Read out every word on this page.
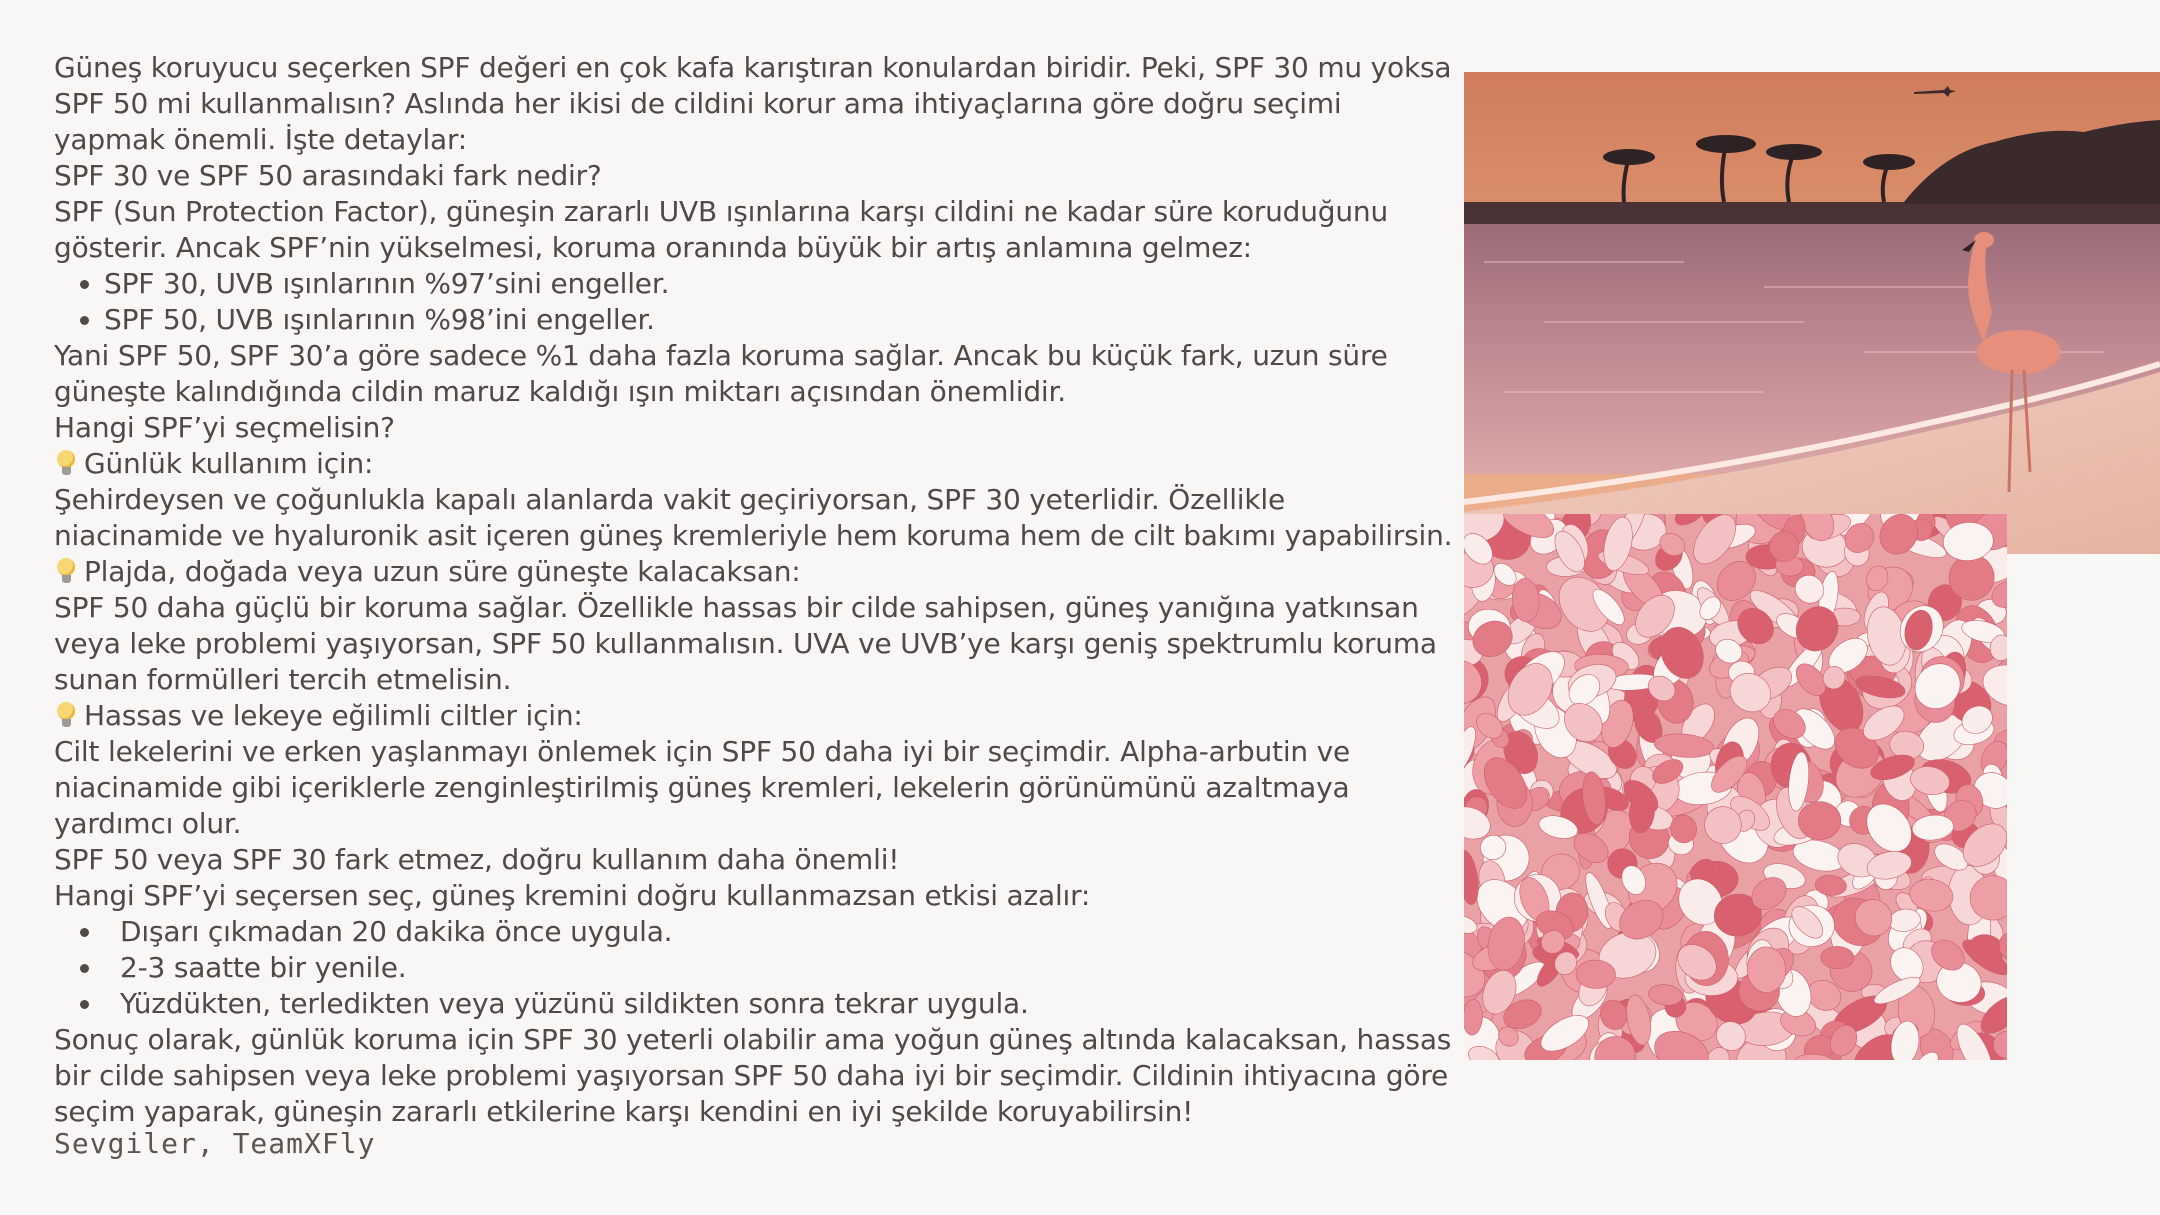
Güneş koruyucu seçerken SPF değeri en çok kafa karıştıran konulardan biridir. Peki, SPF 30 mu yoksa SPF 50 mi kullanmalısın? Aslında her ikisi de cildini korur ama ihtiyaçlarına göre doğru seçimi yapmak önemli. İşte detaylar:

SPF 30 ve SPF 50 arasındaki fark nedir?

SPF (Sun Protection Factor), güneşin zararlı UVB ışınlarına karşı cildini ne kadar süre koruduğunu gösterir. Ancak SPF’nin yükselmesi, koruma oranında büyük bir artış anlamına gelmez:

SPF 30, UVB ışınlarının %97’sini engeller.
SPF 50, UVB ışınlarının %98’ini engeller.

Yani SPF 50, SPF 30’a göre sadece %1 daha fazla koruma sağlar. Ancak bu küçük fark, uzun süre güneşte kalındığında cildin maruz kaldığı ışın miktarı açısından önemlidir.

Hangi SPF’yi seçmelisin?

Günlük kullanım için:

Şehirdeysen ve çoğunlukla kapalı alanlarda vakit geçiriyorsan, SPF 30 yeterlidir. Özellikle niacinamide ve hyaluronik asit içeren güneş kremleriyle hem koruma hem de cilt bakımı yapabilirsin.

Plajda, doğada veya uzun süre güneşte kalacaksan:

SPF 50 daha güçlü bir koruma sağlar. Özellikle hassas bir cilde sahipsen, güneş yanığına yatkınsan veya leke problemi yaşıyorsan, SPF 50 kullanmalısın. UVA ve UVB’ye karşı geniş spektrumlu koruma sunan formülleri tercih etmelisin.

Hassas ve lekeye eğilimli ciltler için:

Cilt lekelerini ve erken yaşlanmayı önlemek için SPF 50 daha iyi bir seçimdir. Alpha-arbutin ve niacinamide gibi içeriklerle zenginleştirilmiş güneş kremleri, lekelerin görünümünü azaltmaya yardımcı olur.

SPF 50 veya SPF 30 fark etmez, doğru kullanım daha önemli!

Hangi SPF’yi seçersen seç, güneş kremini doğru kullanmazsan etkisi azalır:

Dışarı çıkmadan 20 dakika önce uygula.
2-3 saatte bir yenile.
Yüzdükten, terledikten veya yüzünü sildikten sonra tekrar uygula.

Sonuç olarak, günlük koruma için SPF 30 yeterli olabilir ama yoğun güneş altında kalacaksan, hassas bir cilde sahipsen veya leke problemi yaşıyorsan SPF 50 daha iyi bir seçimdir. Cildinin ihtiyacına göre seçim yaparak, güneşin zararlı etkilerine karşı kendini en iyi şekilde koruyabilirsin!

Sevgiler, TeamXFly
